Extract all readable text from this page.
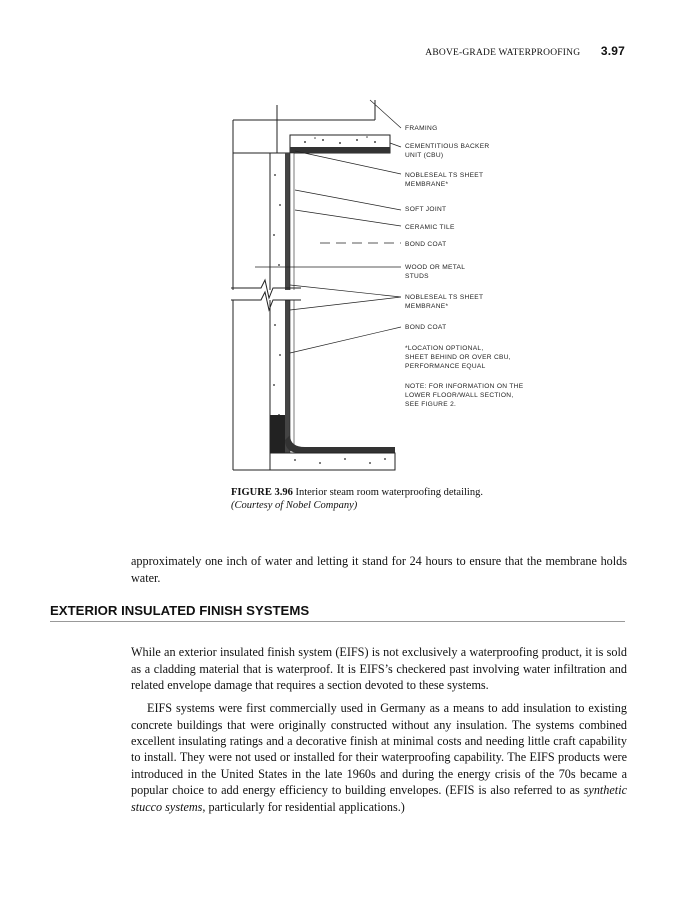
ABOVE-GRADE WATERPROOFING 3.97
FRAMING
CEMENTITIOUS BACKER
UNIT (CBU)
NOBLESEAL TS SHEET
MEMBRANE*
SOFT JOINT
CERAMIC TILE
BOND COAT
WOOD OR METAL
STUDS
NOBLESEAL TS SHEET
MEMBRANE*
BOND COAT
*LOCATION OPTIONAL,
SHEET BEHIND OR OVER CBU,
PERFORMANCE EQUAL
NOTE: FOR INFORMATION ON THE
LOWER FLOOR/WALL SECTION,
SEE FIGURE 2.
FIGURE 3.96 Interior steam room waterproofing detailing.
(Courtesy of Nobel Company)

approximately one inch of water and letting it stand for 24 hours to ensure that the membrane holds water.

EXTERIOR INSULATED FINISH SYSTEMS

While an exterior insulated finish system (EIFS) is not exclusively a waterproofing product, it is sold as a cladding material that is waterproof. It is EIFS’s checkered past involving water infiltration and related envelope damage that requires a section devoted to these systems.

EIFS systems were first commercially used in Germany as a means to add insulation to existing concrete buildings that were originally constructed without any insulation. The systems combined excellent insulating ratings and a decorative finish at minimal costs and needing little craft capability to install. They were not used or installed for their waterproofing capability. The EIFS products were introduced in the United States in the late 1960s and during the energy crisis of the 70s became a popular choice to add energy efficiency to building envelopes. (EFIS is also referred to as synthetic stucco systems, particularly for residential applications.)
